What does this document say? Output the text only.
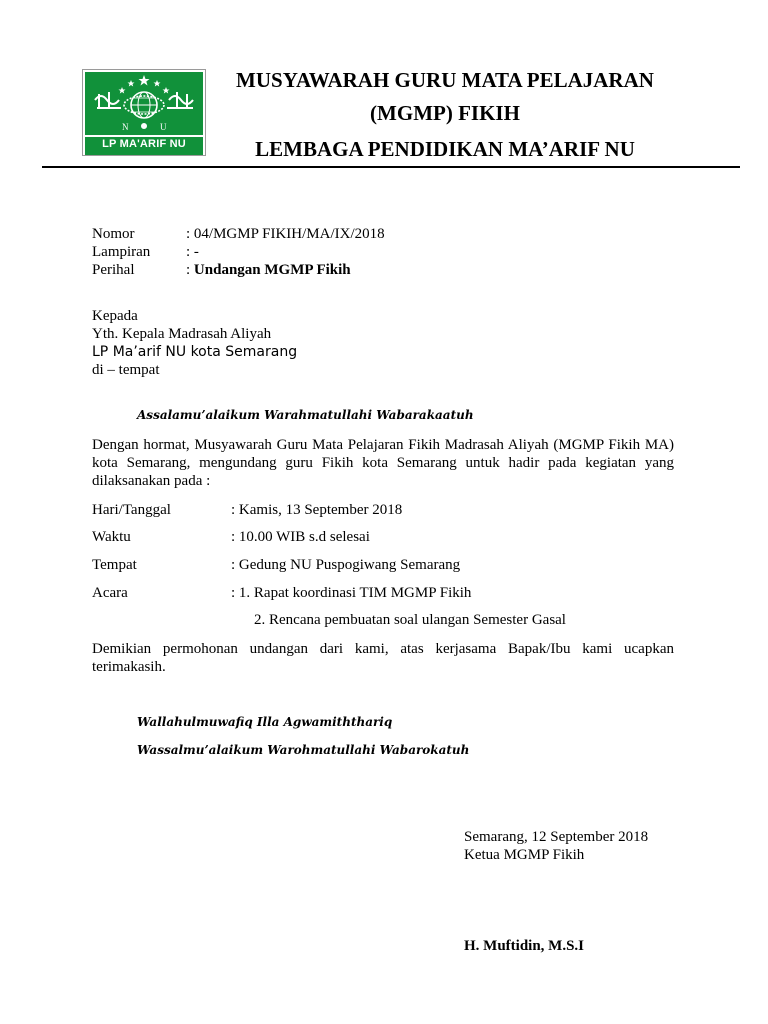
N	U
LP MA'ARIF NU
MUSYAWARAH GURU MATA PELAJARAN
(MGMP) FIKIH
LEMBAGA PENDIDIKAN MA’ARIF NU
Nomor	: 04/MGMP FIKIH/MA/IX/2018
Lampiran : -
Perihal	: Undangan MGMP Fikih
Kepada
Yth. Kepala Madrasah Aliyah
LP Ma’arif NU kota Semarang
di – tempat
Assalamu’alaikum Warahmatullahi Wabarakaatuh
Dengan hormat, Musyawarah Guru Mata Pelajaran Fikih Madrasah Aliyah (MGMP Fikih MA) kota Semarang, mengundang guru Fikih kota Semarang untuk hadir pada kegiatan yang dilaksanakan pada :
Hari/Tanggal	: Kamis, 13 September 2018
Waktu	: 10.00 WIB s.d selesai
Tempat	: Gedung NU Puspogiwang Semarang
Acara	: 1. Rapat koordinasi TIM MGMP Fikih
2. Rencana pembuatan soal ulangan Semester Gasal
Demikian permohonan undangan dari kami, atas kerjasama Bapak/Ibu kami ucapkan terimakasih.
Wallahulmuwafiq Illa Agwamiththariq
Wassalmu’alaikum Warohmatullahi Wabarokatuh
Semarang, 12 September 2018
Ketua MGMP Fikih
H. Muftidin, M.S.I
